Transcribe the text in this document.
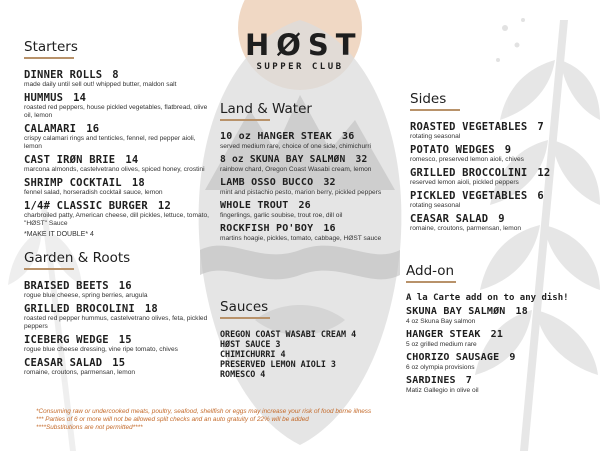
HØST
SUPPER CLUB
Starters
DINNER ROLLS 8
made daily until sell out! whipped butter, maldon salt
HUMMUS 14
roasted red peppers, house pickled vegetables, flatbread, olive oil, lemon
CALAMARI 16
crispy calamari rings and tenticles, fennel, red pepper aioli, lemon
CAST IRØN BRIE 14
marcona almonds, castelvetrano olives, spiced honey, crostini
SHRIMP COCKTAIL 18
fennel salad, horseradish cocktail sauce, lemon
1/4# CLASSIC BURGER 12
charbroiled patty, American cheese, dill pickles, lettuce, tomato, "HØST" Sauce
*MAKE IT DOUBLE* 4
Garden & Roots
BRAISED BEETS 16
rogue blue cheese, spring berries, arugula
GRILLED BROCOLINI 18
roasted red pepper hummus, castelvetrano olives, feta, pickled peppers
ICEBERG WEDGE 15
rogue blue cheese dressing, vine ripe tomato, chives
CEASAR SALAD 15
romaine, croutons, parmensan, lemon
Land & Water
10 oz HANGER STEAK 36
served medium rare, choice of one side, chimichurri
8 oz SKUNA BAY SALMØN 32
rainbow chard, Oregon Coast Wasabi cream, lemon
LAMB OSSO BUCCO 32
mint and pistachio pesto, marion berry, pickled peppers
WHOLE TROUT 26
fingerlings, garlic soubise, trout roe, dill oil
ROCKFISH PO'BOY 16
martins hoagie, pickles, tomato, cabbage, HØST sauce
Sauces
OREGON COAST WASABI CREAM 4
HØST SAUCE 3
CHIMICHURRI 4
PRESERVED LEMON AIOLI 3
ROMESCO 4
Sides
ROASTED VEGETABLES 7
rotating seasonal
POTATO WEDGES 9
romesco, preserved lemon aioli, chives
GRILLED BROCCOLINI 12
reserved lemon aioli, pickled peppers
PICKLED VEGETABLES 6
rotating seasonal
CEASAR SALAD 9
romaine, croutons, parmensan, lemon
Add-on
A la Carte add on to any dish!
SKUNA BAY SALMØN 18
4 oz Skuna Bay salmon
HANGER STEAK 21
5 oz grilled medium rare
CHORIZO SAUSAGE 9
6 oz olympia provisions
SARDINES 7
Matiz Gallegio in olive oil
*Consuming raw or undercooked meats, poultry, seafood, shellfish or eggs may increase your risk of food borne illness
*** Parties of 6 or more will not be allowed split checks and an auto gratuity of 22% will be added
****Substitutions are not permitted****
